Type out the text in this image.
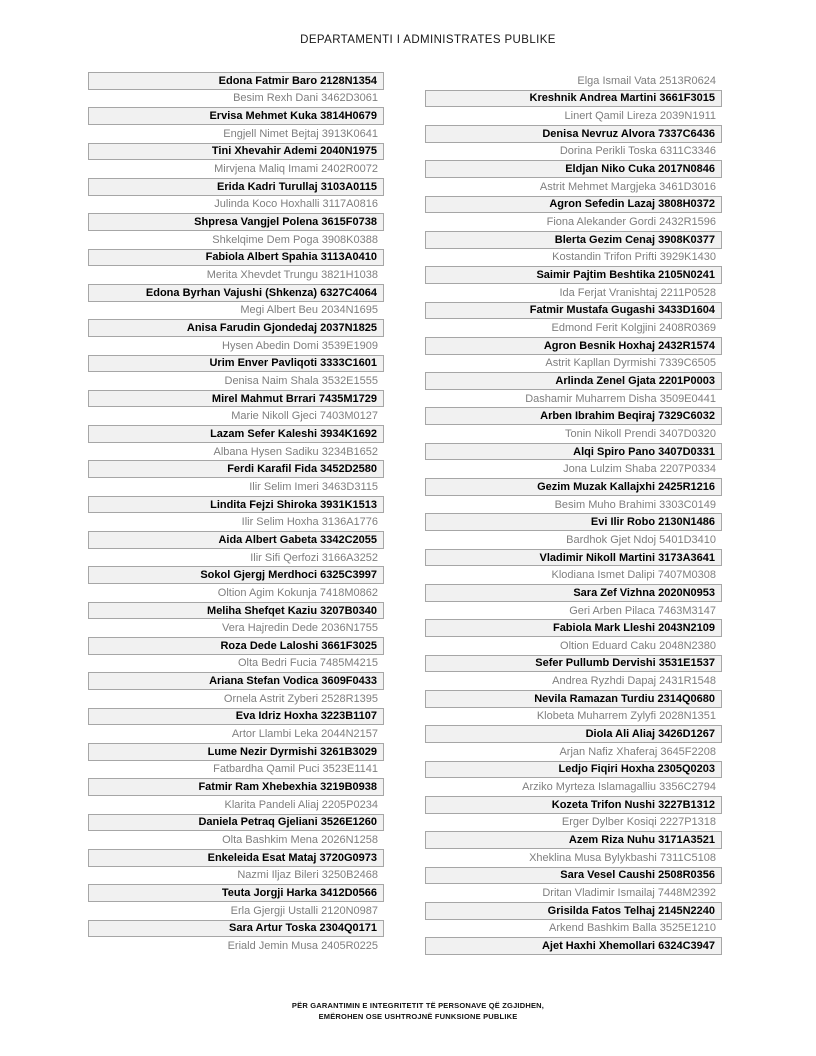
DEPARTAMENTI I ADMINISTRATES PUBLIKE
Edona Fatmir Baro 2128N1354
Besim Rexh Dani 3462D3061
Ervisa Mehmet Kuka 3814H0679
Engjell Nimet Bejtaj 3913K0641
Tini Xhevahir Ademi 2040N1975
Mirvjena Maliq Imami 2402R0072
Erida Kadri Turullaj 3103A0115
Julinda Koco Hoxhalli 3117A0816
Shpresa Vangjel Polena 3615F0738
Shkelqime Dem Poga 3908K0388
Fabiola Albert Spahia 3113A0410
Merita Xhevdet Trungu 3821H1038
Edona Byrhan Vajushi (Shkenza) 6327C4064
Megi Albert Beu 2034N1695
Anisa Farudin Gjondedaj 2037N1825
Hysen Abedin Domi 3539E1909
Urim Enver Pavliqoti 3333C1601
Denisa Naim Shala 3532E1555
Mirel Mahmut Brrari 7435M1729
Marie Nikoll Gjeci 7403M0127
Lazam Sefer Kaleshi 3934K1692
Albana Hysen Sadiku 3234B1652
Ferdi Karafil Fida 3452D2580
Ilir Selim Imeri 3463D3115
Lindita Fejzi Shiroka 3931K1513
Ilir Selim Hoxha 3136A1776
Aida Albert Gabeta 3342C2055
Ilir Sifi Qerfozi 3166A3252
Sokol Gjergj Merdhoci 6325C3997
Oltion Agim Kokunja 7418M0862
Meliha Shefqet Kaziu 3207B0340
Vera Hajredin Dede 2036N1755
Roza Dede Laloshi 3661F3025
Olta Bedri Fucia 7485M4215
Ariana Stefan Vodica 3609F0433
Ornela Astrit Zyberi 2528R1395
Eva Idriz Hoxha 3223B1107
Artor Llambi Leka 2044N2157
Lume Nezir Dyrmishi 3261B3029
Fatbardha Qamil Puci 3523E1141
Fatmir Ram Xhebexhia 3219B0938
Klarita Pandeli Aliaj 2205P0234
Daniela Petraq Gjeliani 3526E1260
Olta Bashkim Mena 2026N1258
Enkeleida Esat Mataj 3720G0973
Nazmi Iljaz Bileri 3250B2468
Teuta Jorgji Harka 3412D0566
Erla Gjergji Ustalli 2120N0987
Sara Artur Toska 2304Q0171
Eriald Jemin Musa 2405R0225
Elga Ismail Vata 2513R0624
Kreshnik Andrea Martini 3661F3015
Linert Qamil Lireza 2039N1911
Denisa Nevruz Alvora 7337C6436
Dorina Perikli Toska 6311C3346
Eldjan Niko Cuka 2017N0846
Astrit Mehmet Margjeka 3461D3016
Agron Sefedin Lazaj 3808H0372
Fiona Alekander Gordi 2432R1596
Blerta Gezim Cenaj 3908K0377
Kostandin Trifon Prifti 3929K1430
Saimir Pajtim Beshtika 2105N0241
Ida Ferjat Vranishtaj 2211P0528
Fatmir Mustafa Gugashi 3433D1604
Edmond Ferit Kolgjini 2408R0369
Agron Besnik Hoxhaj 2432R1574
Astrit Kapllan Dyrmishi 7339C6505
Arlinda Zenel Gjata 2201P0003
Dashamir Muharrem Disha 3509E0441
Arben Ibrahim Beqiraj 7329C6032
Tonin Nikoll Prendi 3407D0320
Alqi Spiro Pano 3407D0331
Jona Lulzim Shaba 2207P0334
Gezim Muzak Kallajxhi 2425R1216
Besim Muho Brahimi 3303C0149
Evi Ilir Robo 2130N1486
Bardhok Gjet Ndoj 5401D3410
Vladimir Nikoll Martini 3173A3641
Klodiana Ismet Dalipi 7407M0308
Sara Zef Vizhna 2020N0953
Geri Arben Pilaca 7463M3147
Fabiola Mark Lleshi 2043N2109
Oltion Eduard Caku 2048N2380
Sefer Pullumb Dervishi 3531E1537
Andrea Ryzhdi Dapaj 2431R1548
Nevila Ramazan Turdiu 2314Q0680
Klobeta Muharrem Zylyfi 2028N1351
Diola Ali Aliaj 3426D1267
Arjan Nafiz Xhaferaj 3645F2208
Ledjo Fiqiri Hoxha 2305Q0203
Arziko Myrteza Islamagalliu 3356C2794
Kozeta Trifon Nushi 3227B1312
Erger Dylber Kosiqi 2227P1318
Azem Riza Nuhu 3171A3521
Xheklina Musa Bylykbashi 7311C5108
Sara Vesel Caushi 2508R0356
Dritan Vladimir Ismailaj 7448M2392
Grisilda Fatos Telhaj 2145N2240
Arkend Bashkim Balla 3525E1210
Ajet Haxhi Xhemollari 6324C3947
PËR GARANTIMIN E INTEGRITETIT TË PERSONAVE QË ZGJIDHEN,
EMËROHEN OSE USHTROJNË FUNKSIONE PUBLIKE
